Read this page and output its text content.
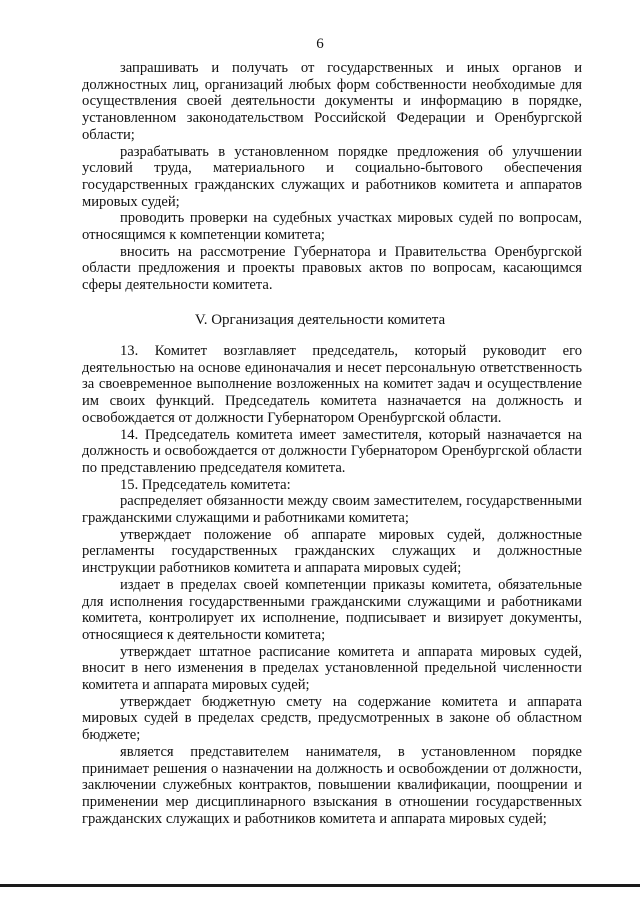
6

запрашивать и получать от государственных и иных органов и должностных лиц, организаций любых форм собственности необходимые для осуществления своей деятельности документы и информацию в порядке, установленном законодательством Российской Федерации и Оренбургской области;

разрабатывать в установленном порядке предложения об улучшении условий труда, материального и социально-бытового обеспечения государственных гражданских служащих и работников комитета и аппаратов мировых судей;

проводить проверки на судебных участках мировых судей по вопросам, относящимся к компетенции комитета;

вносить на рассмотрение Губернатора и Правительства Оренбургской области предложения и проекты правовых актов по вопросам, касающимся сферы деятельности комитета.

V. Организация деятельности комитета

13. Комитет возглавляет председатель, который руководит его деятельностью на основе единоначалия и несет персональную ответственность за своевременное выполнение возложенных на комитет задач и осуществление им своих функций. Председатель комитета назначается на должность и освобождается от должности Губернатором Оренбургской области.

14. Председатель комитета имеет заместителя, который назначается на должность и освобождается от должности Губернатором Оренбургской области по представлению председателя комитета.

15. Председатель комитета:

распределяет обязанности между своим заместителем, государственными гражданскими служащими и работниками комитета;

утверждает положение об аппарате мировых судей, должностные регламенты государственных гражданских служащих и должностные инструкции работников комитета и аппарата мировых судей;

издает в пределах своей компетенции приказы комитета, обязательные для исполнения государственными гражданскими служащими и работниками комитета, контролирует их исполнение, подписывает и визирует документы, относящиеся к деятельности комитета;

утверждает штатное расписание комитета и аппарата мировых судей, вносит в него изменения в пределах установленной предельной численности комитета и аппарата мировых судей;

утверждает бюджетную смету на содержание комитета и аппарата мировых судей в пределах средств, предусмотренных в законе об областном бюджете;

является представителем нанимателя, в установленном порядке принимает решения о назначении на должность и освобождении от должности, заключении служебных контрактов, повышении квалификации, поощрении и применении мер дисциплинарного взыскания в отношении государственных гражданских служащих и работников комитета и аппарата мировых судей;
